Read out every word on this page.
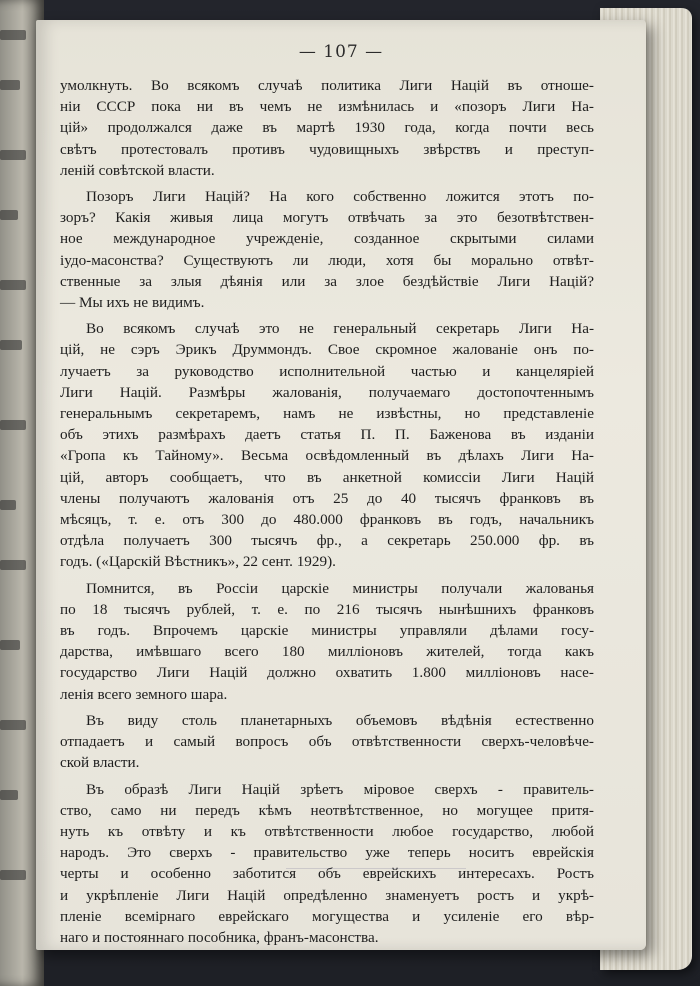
— 107 —
умолкнуть. Во всякомъ случаѣ политика Лиги Націй въ отноше-
ніи СССР пока ни въ чемъ не измѣнилась и «позоръ Лиги На-
цій» продолжался даже въ мартѣ 1930 года, когда почти весь
свѣтъ протестовалъ противъ чудовищныхъ звѣрствъ и преступ-
леній совѣтской власти.
Позоръ Лиги Націй? На кого собственно ложится этотъ по-
зоръ? Какія живыя лица могутъ отвѣчать за это безотвѣтствен-
ное международное учрежденіе, созданное скрытыми силами
іудо-масонства? Существуютъ ли люди, хотя бы морально отвѣт-
ственные за злыя дѣянія или за злое бездѣйствіе Лиги Націй?
— Мы ихъ не видимъ.
Во всякомъ случаѣ это не генеральный секретарь Лиги На-
цій, не сэръ Эрикъ Друммондъ. Свое скромное жалованіе онъ по-
лучаетъ за руководство исполнительной частью и канцеляріей
Лиги Націй. Размѣры жалованія, получаемаго достопочтеннымъ
генеральнымъ секретаремъ, намъ не извѣстны, но представленіе
объ этихъ размѣрахъ даетъ статья П. П. Баженова въ изданіи
«Гропа къ Тайному». Весьма освѣдомленный въ дѣлахъ Лиги На-
цій, авторъ сообщаетъ, что въ анкетной комиссіи Лиги Націй
члены получаютъ жалованія отъ 25 до 40 тысячъ франковъ въ
мѣсяцъ, т. е. отъ 300 до 480.000 франковъ въ годъ, начальникъ
отдѣла получаетъ 300 тысячъ фр., а секретарь 250.000 фр. въ
годъ. («Царскій Вѣстникъ», 22 сент. 1929).
Помнится, въ Россіи царскіе министры получали жалованья
по 18 тысячъ рублей, т. е. по 216 тысячъ нынѣшнихъ франковъ
въ годъ. Впрочемъ царскіе министры управляли дѣлами госу-
дарства, имѣвшаго всего 180 милліоновъ жителей, тогда какъ
государство Лиги Націй должно охватить 1.800 милліоновъ насе-
ленія всего земного шара.
Въ виду столь планетарныхъ объемовъ вѣдѣнія естественно
отпадаетъ и самый вопросъ объ отвѣтственности сверхъ-человѣче-
ской власти.
Въ образѣ Лиги Націй зрѣетъ міровое сверхъ - правитель-
ство, само ни передъ кѣмъ неотвѣтственное, но могущее притя-
нуть къ отвѣту и къ отвѣтственности любое государство, любой
народъ. Это сверхъ - правительство уже теперь носитъ еврейскія
черты и особенно заботится объ еврейскихъ интересахъ. Ростъ
и укрѣпленіе Лиги Націй опредѣленно знаменуетъ ростъ и укрѣ-
пленіе всемірнаго еврейскаго могущества и усиленіе его вѣр-
наго и постояннаго пособника, франъ-масонства.
